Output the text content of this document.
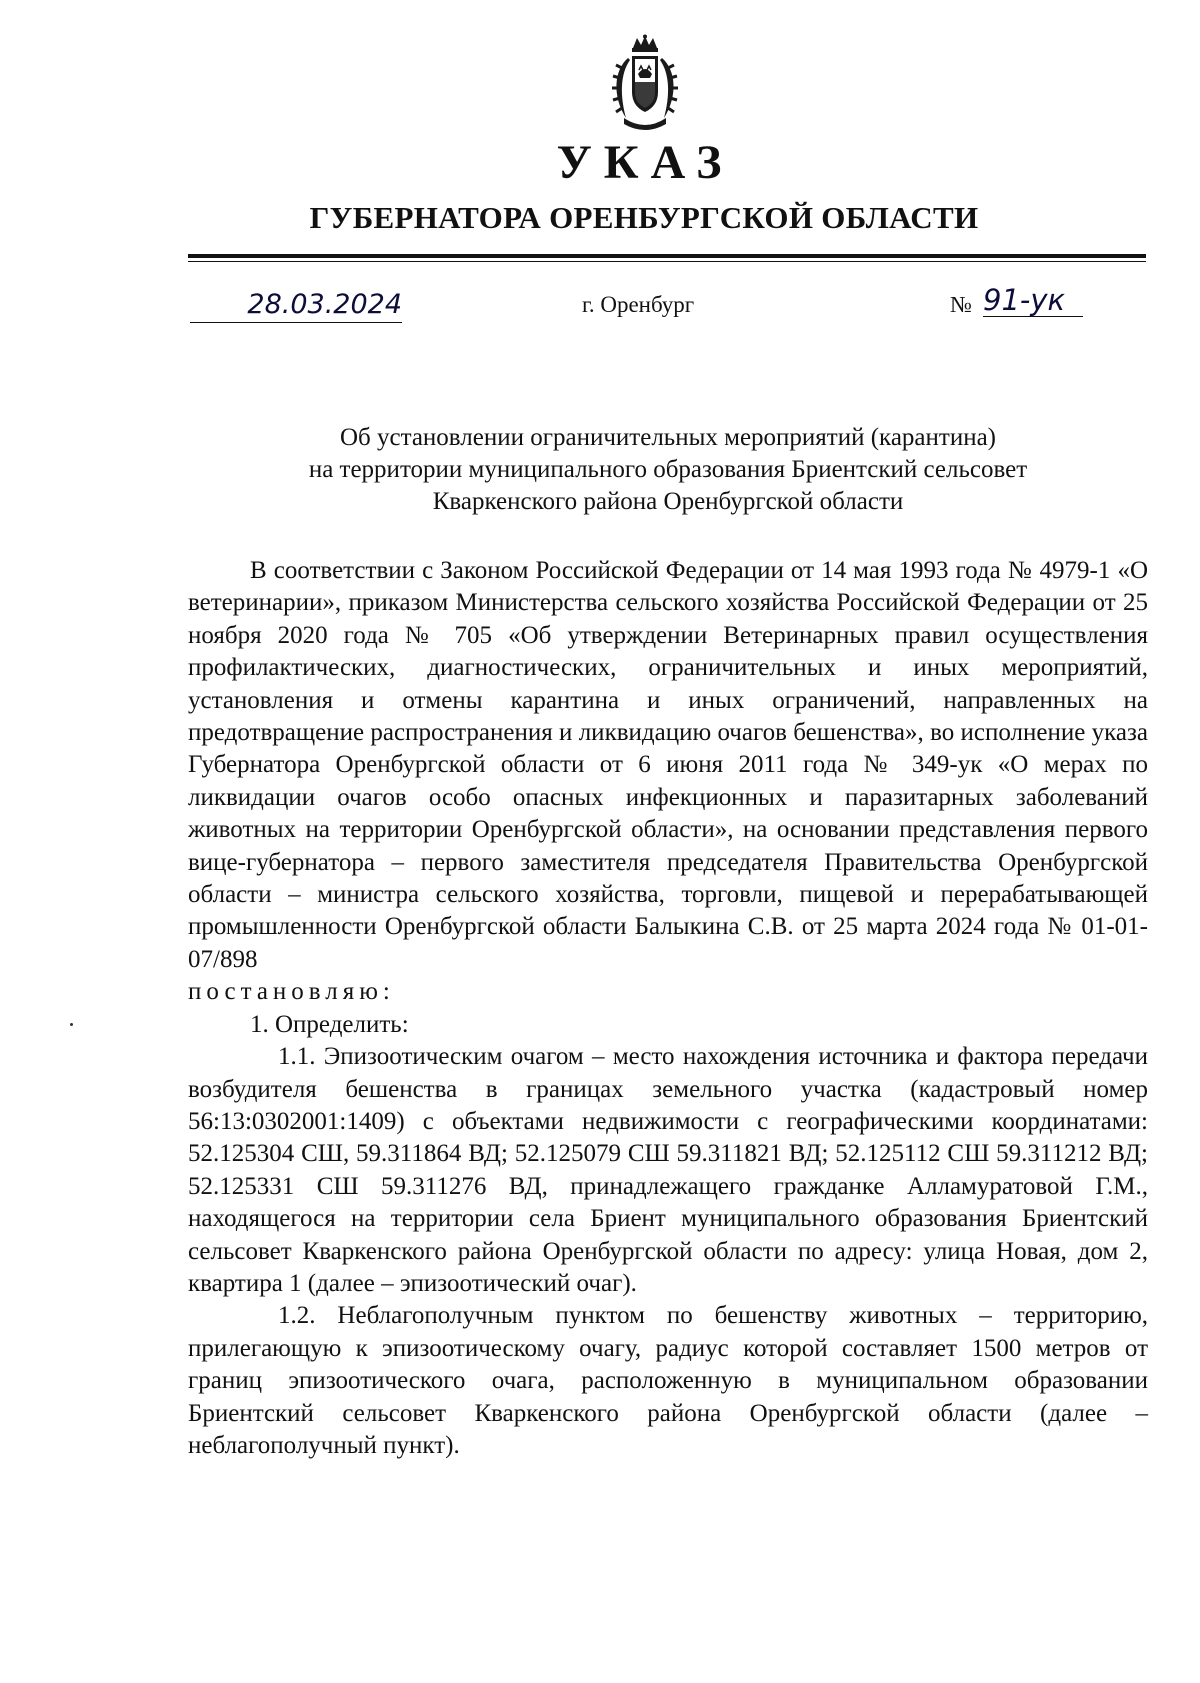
УКАЗ
ГУБЕРНАТОРА ОРЕНБУРГСКОЙ ОБЛАСТИ
28.03.2024	г. Оренбург	№ 91-ук
Об установлении ограничительных мероприятий (карантина)
на территории муниципального образования Бриентский сельсовет
Кваркенского района Оренбургской области

В соответствии с Законом Российской Федерации от 14 мая 1993 года № 4979-1 «О ветеринарии», приказом Министерства сельского хозяйства Российской Федерации от 25 ноября 2020 года № 705 «Об утверждении Ветеринарных правил осуществления профилактических, диагностических, ограничительных и иных мероприятий, установления и отмены карантина и иных ограничений, направленных на предотвращение распространения и ликвидацию очагов бешенства», во исполнение указа Губернатора Оренбургской области от 6 июня 2011 года № 349-ук «О мерах по ликвидации очагов особо опасных инфекционных и паразитарных заболеваний животных на территории Оренбургской области», на основании представления первого вице-губернатора – первого заместителя председателя Правительства Оренбургской области – министра сельского хозяйства, торговли, пищевой и перерабатывающей промышленности Оренбургской области Балыкина С.В. от 25 марта 2024 года № 01-01-07/898

постановляю:

1. Определить:

1.1. Эпизоотическим очагом – место нахождения источника и фактора передачи возбудителя бешенства в границах земельного участка (кадастровый номер 56:13:0302001:1409) с объектами недвижимости с географическими координатами: 52.125304 СШ, 59.311864 ВД; 52.125079 СШ 59.311821 ВД; 52.125112 СШ 59.311212 ВД; 52.125331 СШ 59.311276 ВД, принадлежащего гражданке Алламуратовой Г.М., находящегося на территории села Бриент муниципального образования Бриентский сельсовет Кваркенского района Оренбургской области по адресу: улица Новая, дом 2, квартира 1 (далее – эпизоотический очаг).

1.2. Неблагополучным пунктом по бешенству животных – территорию, прилегающую к эпизоотическому очагу, радиус которой составляет 1500 метров от границ эпизоотического очага, расположенную в муниципальном образовании Бриентский сельсовет Кваркенского района Оренбургской области (далее – неблагополучный пункт).
